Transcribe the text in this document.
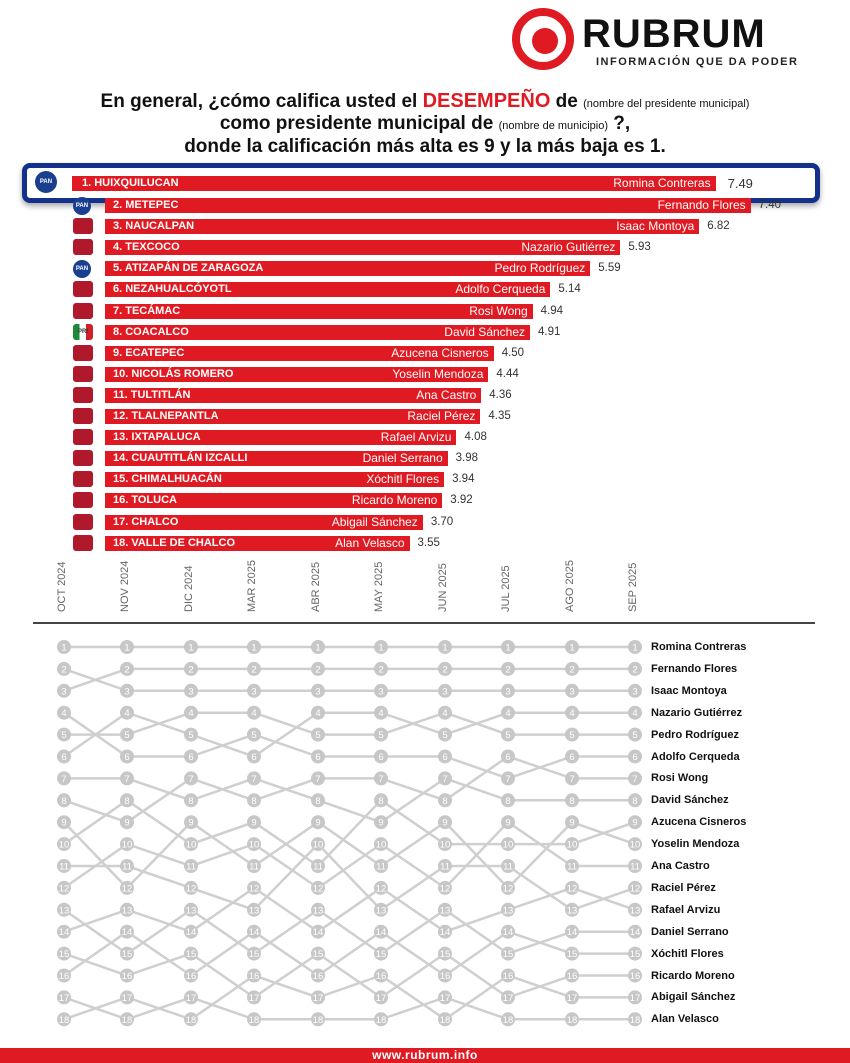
RUBRUM
INFORMACIÓN QUE DA PODER
En general, ¿cómo califica usted el DESEMPEÑO de (nombre del presidente municipal)
como presidente municipal de (nombre de municipio) ?,
donde la calificación más alta es 9 y la más baja es 1.
PAN	1. HUIXQUILUCAN	Romina Contreras 7.49
PAN 2. METEPEC	Fernando Flores 7.40
3. NAUCALPAN	Isaac Montoya 6.82
4. TEXCOCO	Nazario Gutiérrez 5.93
PAN 5. ATIZAPÁN DE ZARAGOZA	Pedro Rodríguez 5.59
6. NEZAHUALCÓYOTL	Adolfo Cerqueda 5.14
7. TECÁMAC	Rosi Wong 4.94
PRI	8. COACALCO	David Sánchez 4.91
9. ECATEPEC	Azucena Cisneros 4.50
10. NICOLÁS ROMERO	Yoselin Mendoza 4.44
11. TULTITLÁN	Ana Castro 4.36
12. TLALNEPANTLA	Raciel Pérez 4.35
13. IXTAPALUCA	Rafael Arvizu 4.08
14. CUAUTITLÁN IZCALLI	Daniel Serrano 3.98
15. CHIMALHUACÁN	Xóchitl Flores 3.94
16. TOLUCA	Ricardo Moreno 3.92
17. CHALCO	Abigail Sánchez 3.70
18. VALLE DE CHALCO	Alan Velasco 3.55
OCT 2024	NOV 2024	DIC 2024	MAR 2025	ABR 2025	MAY 2025	JUN 2025	JUL 2025	AGO 2025	SEP 2025
1
2
3
4
5
6
7
8
9
10
11
12
13
14
15
16
17
18
1
2
3
4
5
6
7
8
9
10
11
12
13
14
15
16
17
18
1
2
3
4
5
6
7
8
9
10
11
12
13
14
15
16
17
18
1
2
3
4
5
6
7
8
9
10
11
12
13
14
15
16
17
18
1
2
3
4
5
6
7
8
9
10
11
12
13
14
15
16
17
18
1
2
3
4
5
6
7
8
9
10
11
12
13
14
15
16
17
18
1
2
3
4
5
6
7
8
9
10
11
12
13
14
15
16
17
18
1
2
3
4
5
6
7
8
9
10
11
12
13
14
15
16
17
18
1
2
3
4
5
6
7
8
9
10
11
12
13
14
15
16
17
18
1
2
3
4
5
6
7
8
9
10
11
12
13
14
15
16
17
18
Romina Contreras
Fernando Flores
Isaac Montoya
Nazario Gutiérrez
Pedro Rodríguez
Adolfo Cerqueda
Rosi Wong
David Sánchez
Azucena Cisneros
Yoselin Mendoza
Ana Castro
Raciel Pérez
Rafael Arvizu
Daniel Serrano
Xóchitl Flores
Ricardo Moreno
Abigail Sánchez
Alan Velasco
www.rubrum.info
